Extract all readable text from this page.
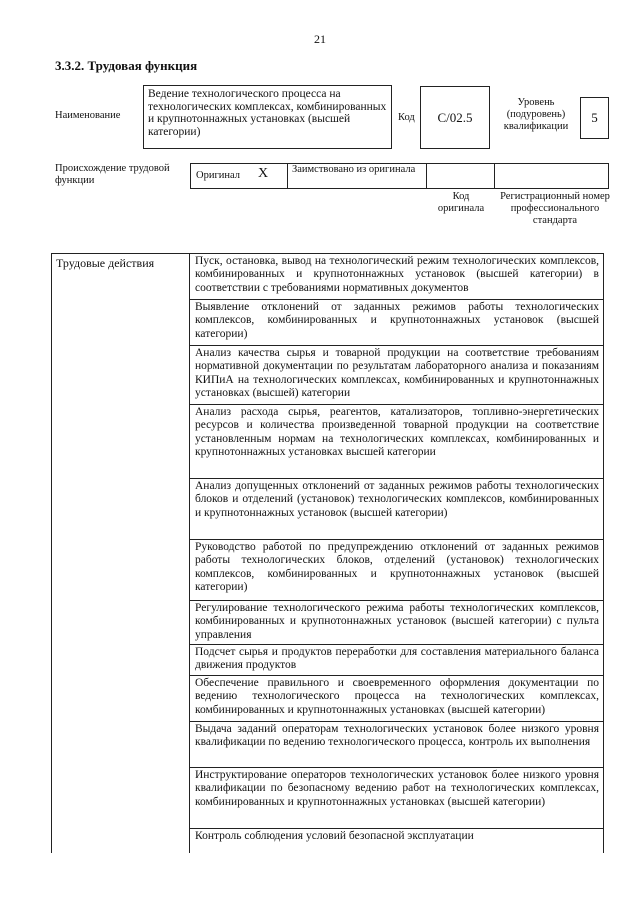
21
3.3.2. Трудовая функция
Наименование
Ведение технологического процесса на технологических комплексах, комбинированных и крупнотоннажных установках (высшей категории)
Код	С/02.5
Уровень (подуровень) квалификации
5
Происхождение трудовой функции	Оригинал Х Заимствовано из оригинала
Код оригинала
Регистрационный номер профессионального стандарта
Трудовые действия	Пуск, остановка, вывод на технологический режим технологических комплексов, комбинированных и крупнотоннажных установок (высшей категории) в соответствии с требованиями нормативных документов
Выявление отклонений от заданных режимов работы технологических комплексов, комбинированных и крупнотоннажных установок (высшей категории)
Анализ качества сырья и товарной продукции на соответствие требованиям нормативной документации по результатам лабораторного анализа и показаниям КИПиА на технологических комплексах, комбинированных и крупнотоннажных установках (высшей) категории
Анализ расхода сырья, реагентов, катализаторов, топливно-энергетических ресурсов и количества произведенной товарной продукции на соответствие установленным нормам на технологических комплексах, комбинированных и крупнотоннажных установках высшей категории
Анализ допущенных отклонений от заданных режимов работы технологических блоков и отделений (установок) технологических комплексов, комбинированных и крупнотоннажных установок (высшей категории)
Руководство работой по предупреждению отклонений от заданных режимов работы технологических блоков, отделений (установок) технологических комплексов, комбинированных и крупнотоннажных установок (высшей категории)
Регулирование технологического режима работы технологических комплексов, комбинированных и крупнотоннажных установок (высшей категории) с пульта управления
Подсчет сырья и продуктов переработки для составления материального баланса движения продуктов
Обеспечение правильного и своевременного оформления документации по ведению технологического процесса на технологических комплексах, комбинированных и крупнотоннажных установках (высшей категории)
Выдача заданий операторам технологических установок более низкого уровня квалификации по ведению технологического процесса, контроль их выполнения
Инструктирование операторов технологических установок более низкого уровня квалификации по безопасному ведению работ на технологических комплексах, комбинированных и крупнотоннажных установках (высшей категории)
Контроль соблюдения условий безопасной эксплуатации
